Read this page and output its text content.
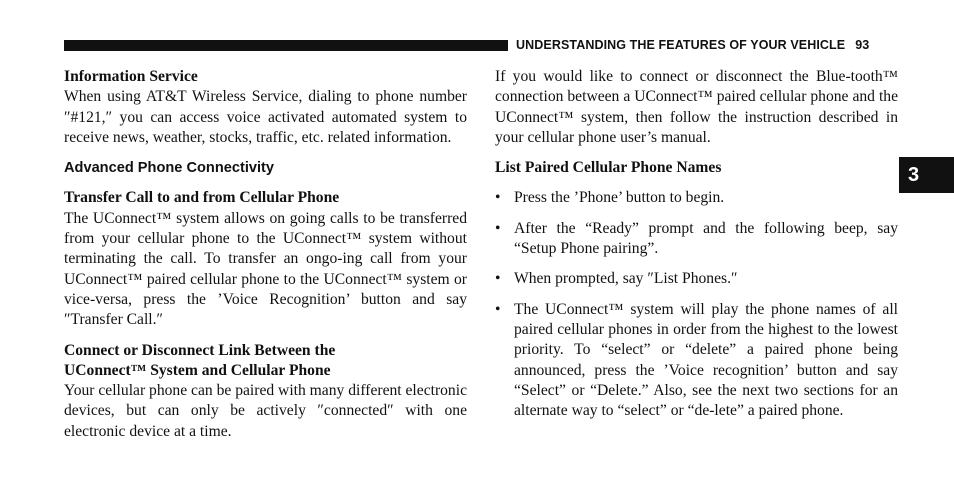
UNDERSTANDING THE FEATURES OF YOUR VEHICLE 93
3
Information Service

When using AT&T Wireless Service, dialing to phone number ″#121,″ you can access voice activated automated system to receive news, weather, stocks, traffic, etc. related information.

Advanced Phone Connectivity
Transfer Call to and from Cellular Phone

The UConnect™ system allows on going calls to be transferred from your cellular phone to the UConnect™ system without terminating the call. To transfer an ongo-ing call from your UConnect™ paired cellular phone to the UConnect™ system or vice-versa, press the ’Voice Recognition’ button and say ″Transfer Call.″

Connect or Disconnect Link Between the
UConnect™ System and Cellular Phone

Your cellular phone can be paired with many different electronic devices, but can only be actively ″connected″ with one electronic device at a time.

If you would like to connect or disconnect the Blue-tooth™ connection between a UConnect™ paired cellular phone and the UConnect™ system, then follow the instruction described in your cellular phone user’s manual.

List Paired Cellular Phone Names
• Press the ’Phone’ button to begin.
• After the “Ready” prompt and the following beep, say “Setup Phone pairing”.
• When prompted, say ″List Phones.″
• The UConnect™ system will play the phone names of all paired cellular phones in order from the highest to the lowest priority. To “select” or “delete” a paired phone being announced, press the ’Voice recognition’ button and say “Select” or “Delete.” Also, see the next two sections for an alternate way to “select” or “de-lete” a paired phone.
